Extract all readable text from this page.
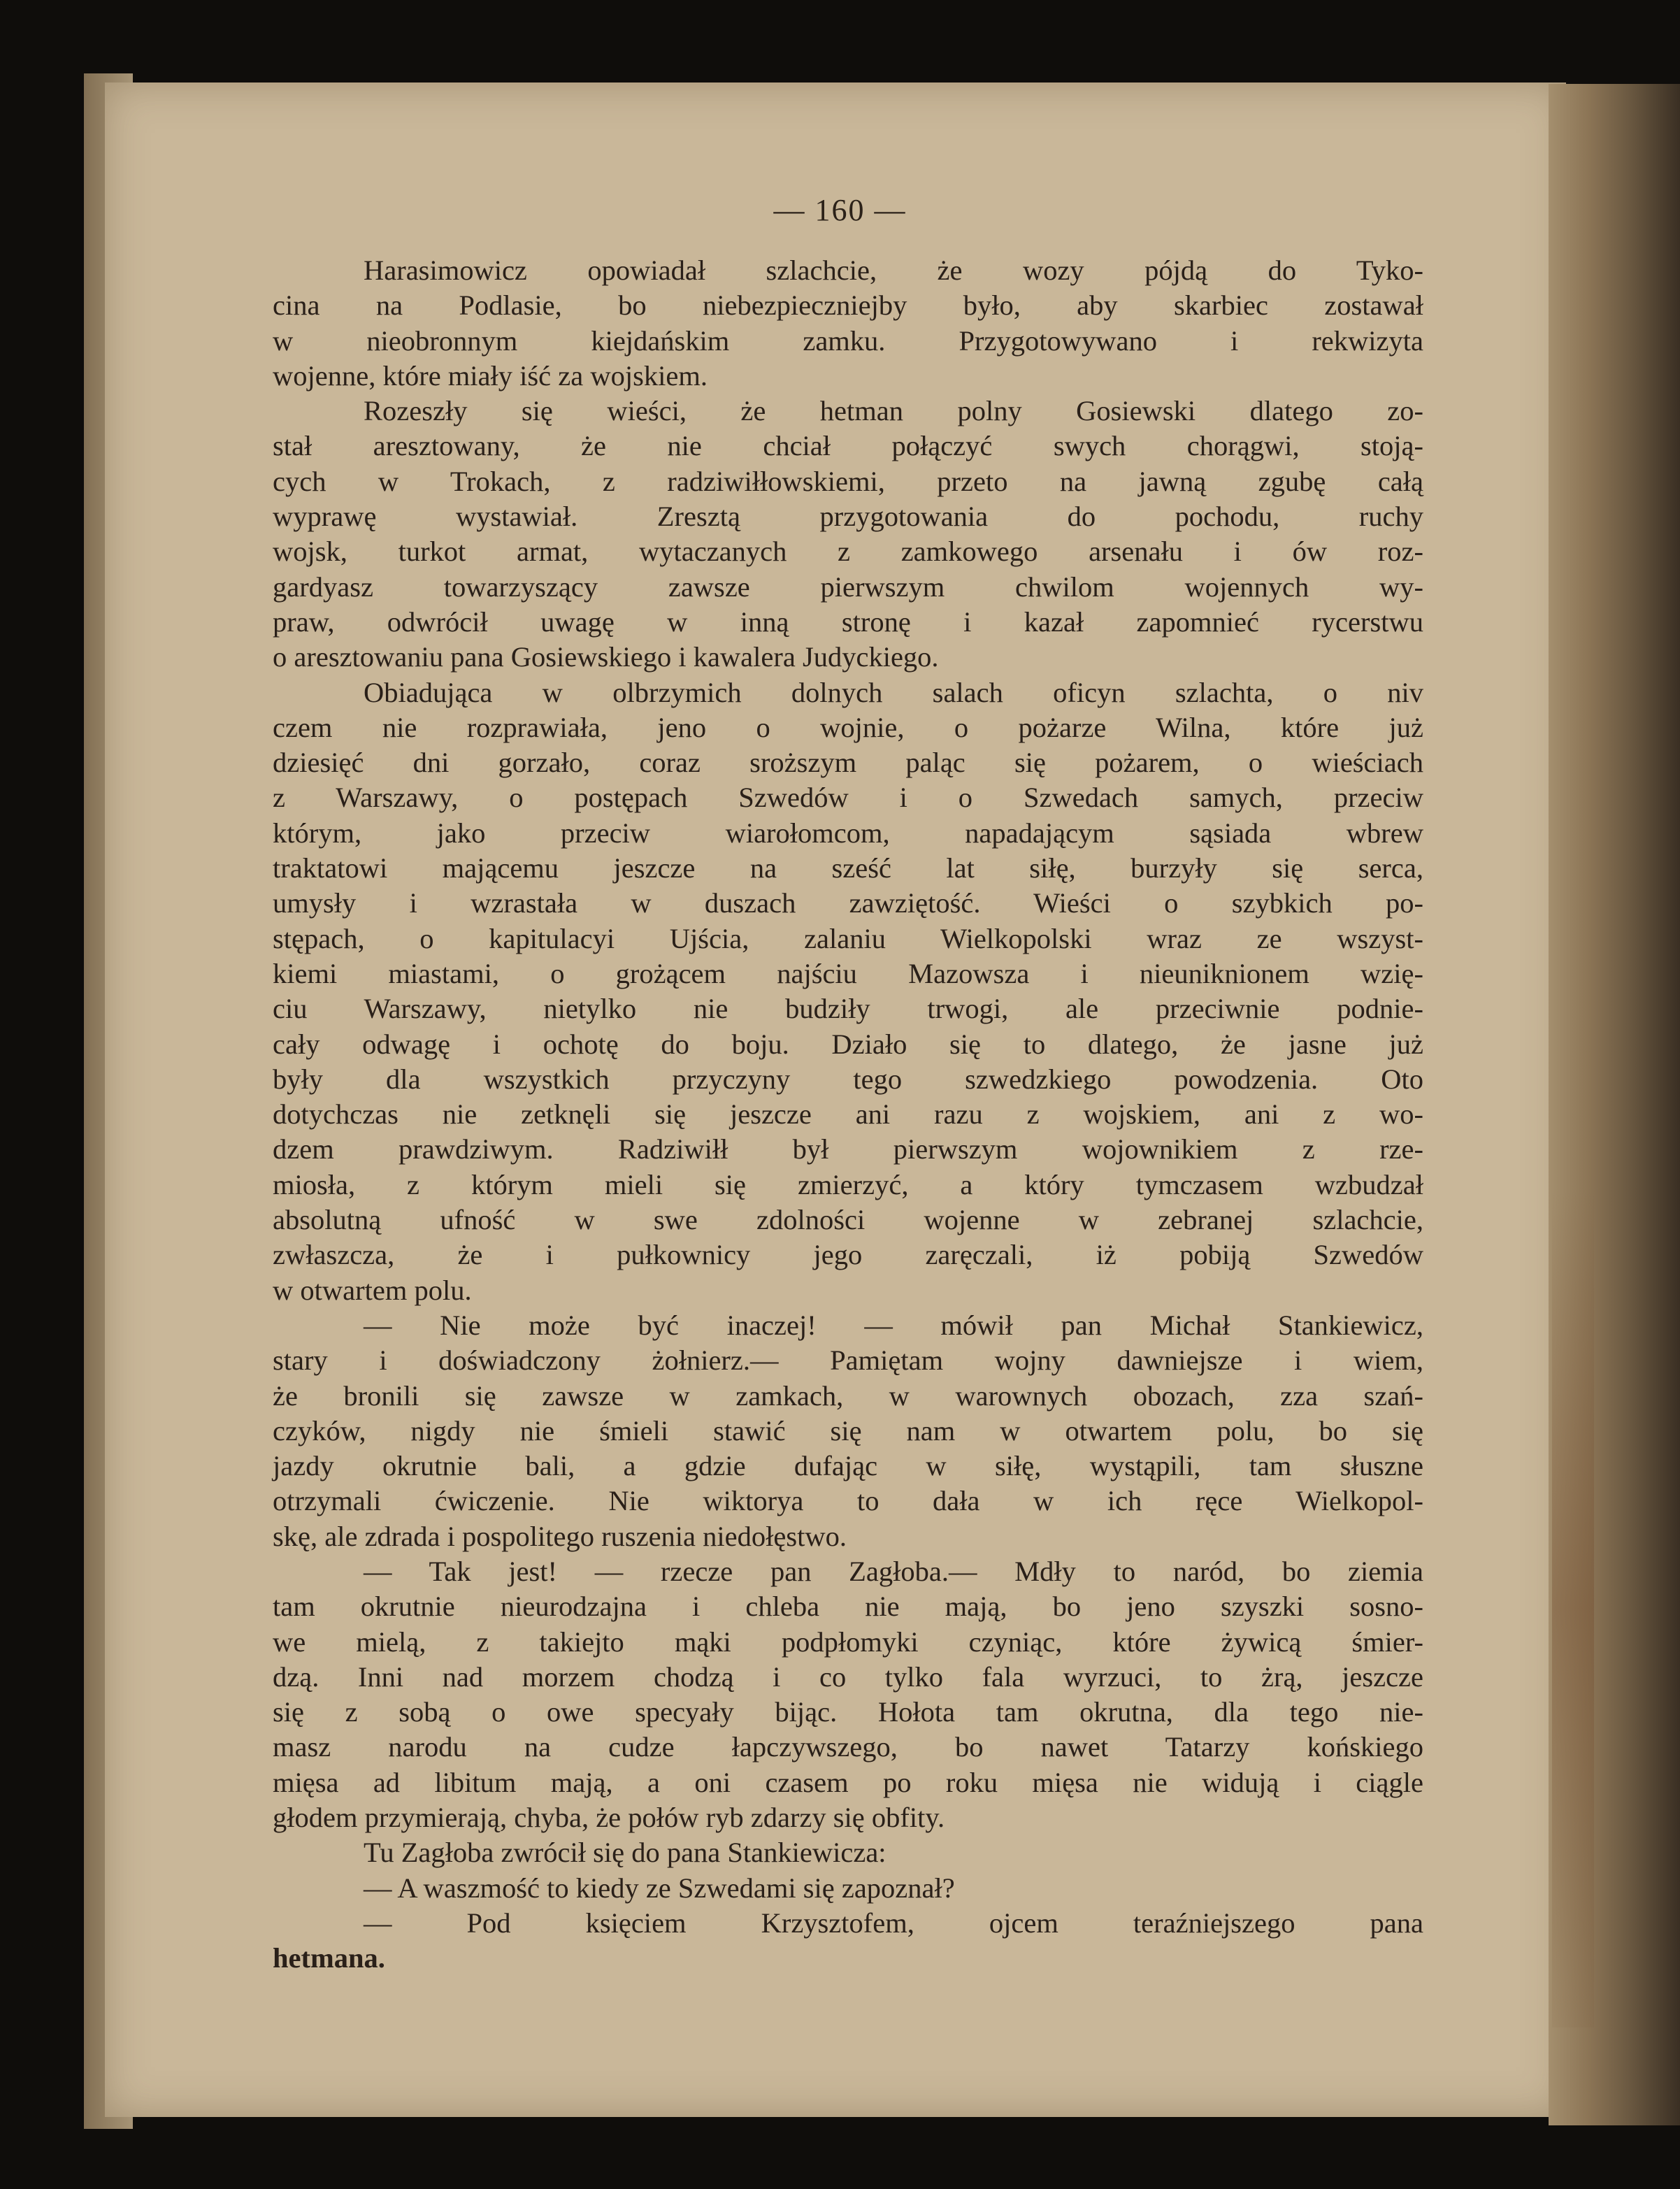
— 160 —
Harasimowicz opowiadał szlachcie, że wozy pójdą do Tyko-
cina na Podlasie, bo niebezpieczniejby było, aby skarbiec zostawał
w nieobronnym kiejdańskim zamku. Przygotowywano i rekwizyta
wojenne, które miały iść za wojskiem.
Rozeszły się wieści, że hetman polny Gosiewski dlatego zo-
stał aresztowany, że nie chciał połączyć swych chorągwi, stoją-
cych w Trokach, z radziwiłłowskiemi, przeto na jawną zgubę całą
wyprawę wystawiał. Zresztą przygotowania do pochodu, ruchy
wojsk, turkot armat, wytaczanych z zamkowego arsenału i ów roz-
gardyasz towarzyszący zawsze pierwszym chwilom wojennych wy-
praw, odwrócił uwagę w inną stronę i kazał zapomnieć rycerstwu
o aresztowaniu pana Gosiewskiego i kawalera Judyckiego.
Obiadująca w olbrzymich dolnych salach oficyn szlachta, o niv
czem nie rozprawiała, jeno o wojnie, o pożarze Wilna, które już
dziesięć dni gorzało, coraz sroższym paląc się pożarem, o wieściach
z Warszawy, o postępach Szwedów i o Szwedach samych, przeciw
którym, jako przeciw wiarołomcom, napadającym sąsiada wbrew
traktatowi mającemu jeszcze na sześć lat siłę, burzyły się serca,
umysły i wzrastała w duszach zawziętość. Wieści o szybkich po-
stępach, o kapitulacyi Ujścia, zalaniu Wielkopolski wraz ze wszyst-
kiemi miastami, o grożącem najściu Mazowsza i nieuniknionem wzię-
ciu Warszawy, nietylko nie budziły trwogi, ale przeciwnie podnie-
cały odwagę i ochotę do boju. Działo się to dlatego, że jasne już
były dla wszystkich przyczyny tego szwedzkiego powodzenia. Oto
dotychczas nie zetknęli się jeszcze ani razu z wojskiem, ani z wo-
dzem prawdziwym. Radziwiłł był pierwszym wojownikiem z rze-
miosła, z którym mieli się zmierzyć, a który tymczasem wzbudzał
absolutną ufność w swe zdolności wojenne w zebranej szlachcie,
zwłaszcza, że i pułkownicy jego zaręczali, iż pobiją Szwedów
w otwartem polu.
— Nie może być inaczej! — mówił pan Michał Stankiewicz,
stary i doświadczony żołnierz.— Pamiętam wojny dawniejsze i wiem,
że bronili się zawsze w zamkach, w warownych obozach, zza szań-
czyków, nigdy nie śmieli stawić się nam w otwartem polu, bo się
jazdy okrutnie bali, a gdzie dufając w siłę, wystąpili, tam słuszne
otrzymali ćwiczenie. Nie wiktorya to dała w ich ręce Wielkopol-
skę, ale zdrada i pospolitego ruszenia niedołęstwo.
— Tak jest! — rzecze pan Zagłoba.— Mdły to naród, bo ziemia
tam okrutnie nieurodzajna i chleba nie mają, bo jeno szyszki sosno-
we mielą, z takiejto mąki podpłomyki czyniąc, które żywicą śmier-
dzą. Inni nad morzem chodzą i co tylko fala wyrzuci, to żrą, jeszcze
się z sobą o owe specyały bijąc. Hołota tam okrutna, dla tego nie-
masz narodu na cudze łapczywszego, bo nawet Tatarzy końskiego
mięsa ad libitum mają, a oni czasem po roku mięsa nie widują i ciągle
głodem przymierają, chyba, że połów ryb zdarzy się obfity.
Tu Zagłoba zwrócił się do pana Stankiewicza:
— A waszmość to kiedy ze Szwedami się zapoznał?
— Pod księciem Krzysztofem, ojcem teraźniejszego pana
hetmana.
